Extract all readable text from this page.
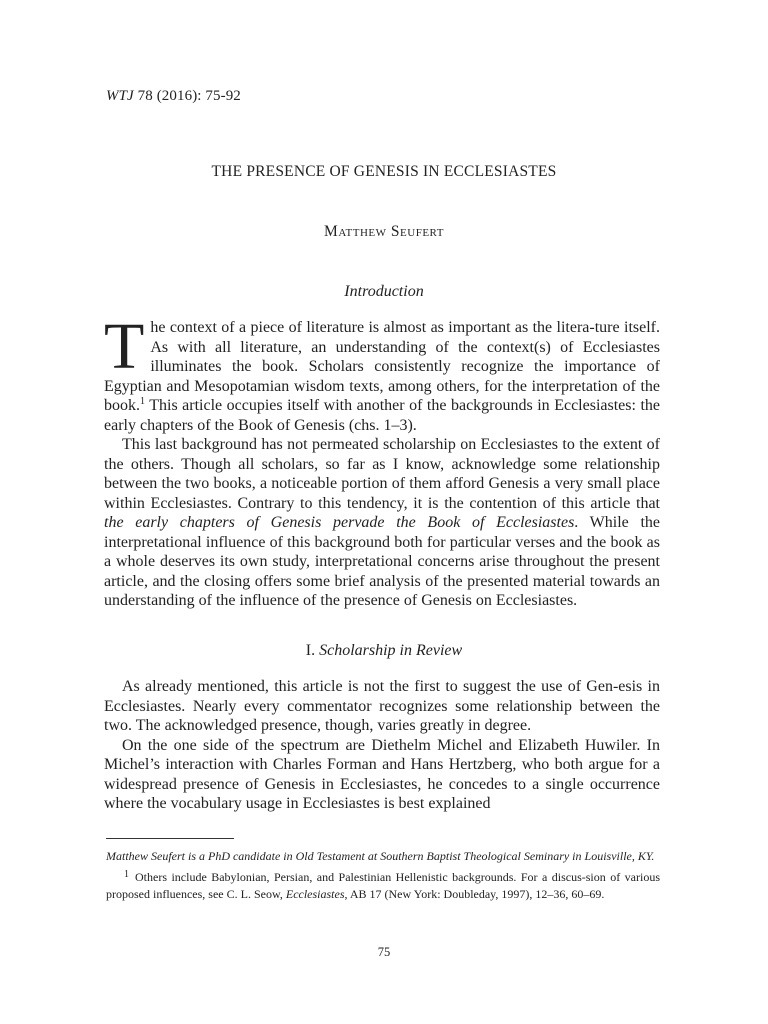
WTJ 78 (2016): 75-92
THE PRESENCE OF GENESIS IN ECCLESIASTES
Matthew Seufert
Introduction

The context of a piece of literature is almost as important as the litera-ture itself. As with all literature, an understanding of the context(s) of Ecclesiastes illuminates the book. Scholars consistently recognize the importance of Egyptian and Mesopotamian wisdom texts, among others, for the interpretation of the book.$^1$ This article occupies itself with another of the backgrounds in Ecclesiastes: the early chapters of the Book of Genesis (chs. 1–3).

This last background has not permeated scholarship on Ecclesiastes to the extent of the others. Though all scholars, so far as I know, acknowledge some relationship between the two books, a noticeable portion of them afford Genesis a very small place within Ecclesiastes. Contrary to this tendency, it is the contention of this article that the early chapters of Genesis pervade the Book of Ecclesiastes. While the interpretational influence of this background both for particular verses and the book as a whole deserves its own study, interpretational concerns arise throughout the present article, and the closing offers some brief analysis of the presented material towards an understanding of the influence of the presence of Genesis on Ecclesiastes.

I. Scholarship in Review

As already mentioned, this article is not the first to suggest the use of Gen-esis in Ecclesiastes. Nearly every commentator recognizes some relationship between the two. The acknowledged presence, though, varies greatly in degree.

On the one side of the spectrum are Diethelm Michel and Elizabeth Huwiler. In Michel’s interaction with Charles Forman and Hans Hertzberg, who both argue for a widespread presence of Genesis in Ecclesiastes, he concedes to a single occurrence where the vocabulary usage in Ecclesiastes is best explained

Matthew Seufert is a PhD candidate in Old Testament at Southern Baptist Theological Seminary in Louisville, KY.

$^1$ Others include Babylonian, Persian, and Palestinian Hellenistic backgrounds. For a discus-sion of various proposed influences, see C. L. Seow, Ecclesiastes, AB 17 (New York: Doubleday, 1997), 12–36, 60–69.

75
